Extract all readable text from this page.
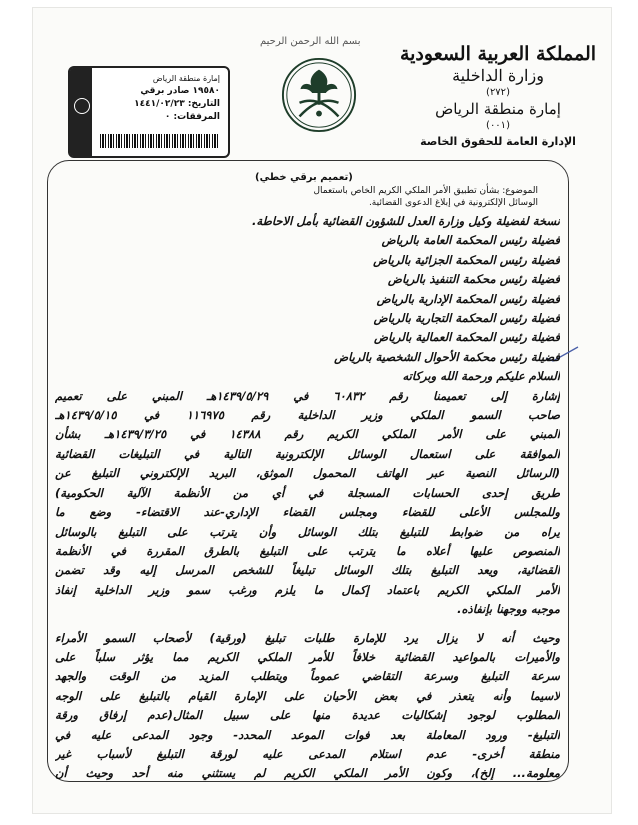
بسم الله الرحمن الرحيم
المملكة العربية السعودية
وزارة الداخلية
(٢٧٢)
إمارة منطقة الرياض
(٠٠١)
الإدارة العامة للحقوق الخاصة
إمارة منطقة الرياض
١٩٥٨٠ صادر برقي
التاريخ: ١٤٤١/٠٢/٢٣
المرفقات: ٠
(تعميم برقي خطي)
الموضوع: بشأن تطبيق الأمر الملكي الكريم الخاص باستعمال الوسائل الإلكترونية في إبلاغ الدعوى القضائية.
نسخة لفضيلة وكيل وزارة العدل للشؤون القضائية بأمل الاحاطة.
فضيلة رئيس المحكمة العامة بالرياض
فضيلة رئيس المحكمة الجزائية بالرياض
فضيلة رئيس محكمة التنفيذ بالرياض
فضيلة رئيس المحكمة الإدارية بالرياض
فضيلة رئيس المحكمة التجارية بالرياض
فضيلة رئيس المحكمة العمالية بالرياض
فضيلة رئيس محكمة الأحوال الشخصية بالرياض
السلام عليكم ورحمة الله وبركاته
إشارة إلى تعميمنا رقم ٦٠٨٣٢ في ١٤٣٩/٥/٢٩هـ المبني على تعميم
صاحب السمو الملكي وزير الداخلية رقم ١١٦٩٧٥ في ١٤٣٩/٥/١٥هـ
المبني على الأمر الملكي الكريم رقم ١٤٣٨٨ في ١٤٣٩/٣/٢٥هـ بشأن
الموافقة على استعمال الوسائل الإلكترونية التالية في التبليغات القضائية
(الرسائل النصية عبر الهاتف المحمول الموثق، البريد الإلكتروني التبليغ عن
طريق إحدى الحسابات المسجلة في أي من الأنظمة الآلية الحكومية)
وللمجلس الأعلى للقضاء ومجلس القضاء الإداري-عند الاقتضاء- وضع ما
يراه من ضوابط للتبليغ بتلك الوسائل وأن يترتب على التبليغ بالوسائل
المنصوص عليها أعلاه ما يترتب على التبليغ بالطرق المقررة في الأنظمة
القضائية، ويعد التبليغ بتلك الوسائل تبليغاً للشخص المرسل إليه وقد تضمن
الأمر الملكي الكريم باعتماد إكمال ما يلزم ورغب سمو وزير الداخلية إنفاذ
موجبه ووجهنا بإنفاذه.
وحيث أنه لا يزال يرد للإمارة طلبات تبليغ (ورقية) لأصحاب السمو الأمراء
والأميرات بالمواعيد القضائية خلافاً للأمر الملكي الكريم مما يؤثر سلباً على
سرعة التبليغ وسرعة التقاضي عموماً ويتطلب المزيد من الوقت والجهد
لاسيما وأنه يتعذر في بعض الأحيان على الإمارة القيام بالتبليغ على الوجه
المطلوب لوجود إشكاليات عديدة منها على سبيل المثال(عدم إرفاق ورقة
التبليغ- ورود المعاملة بعد فوات الموعد المحدد- وجود المدعى عليه في
منطقة أخرى- عدم استلام المدعى عليه لورقة التبليغ لأسباب غير
معلومة... إلخ)، وكون الأمر الملكي الكريم لم يستثني منه أحد وحيث أن
